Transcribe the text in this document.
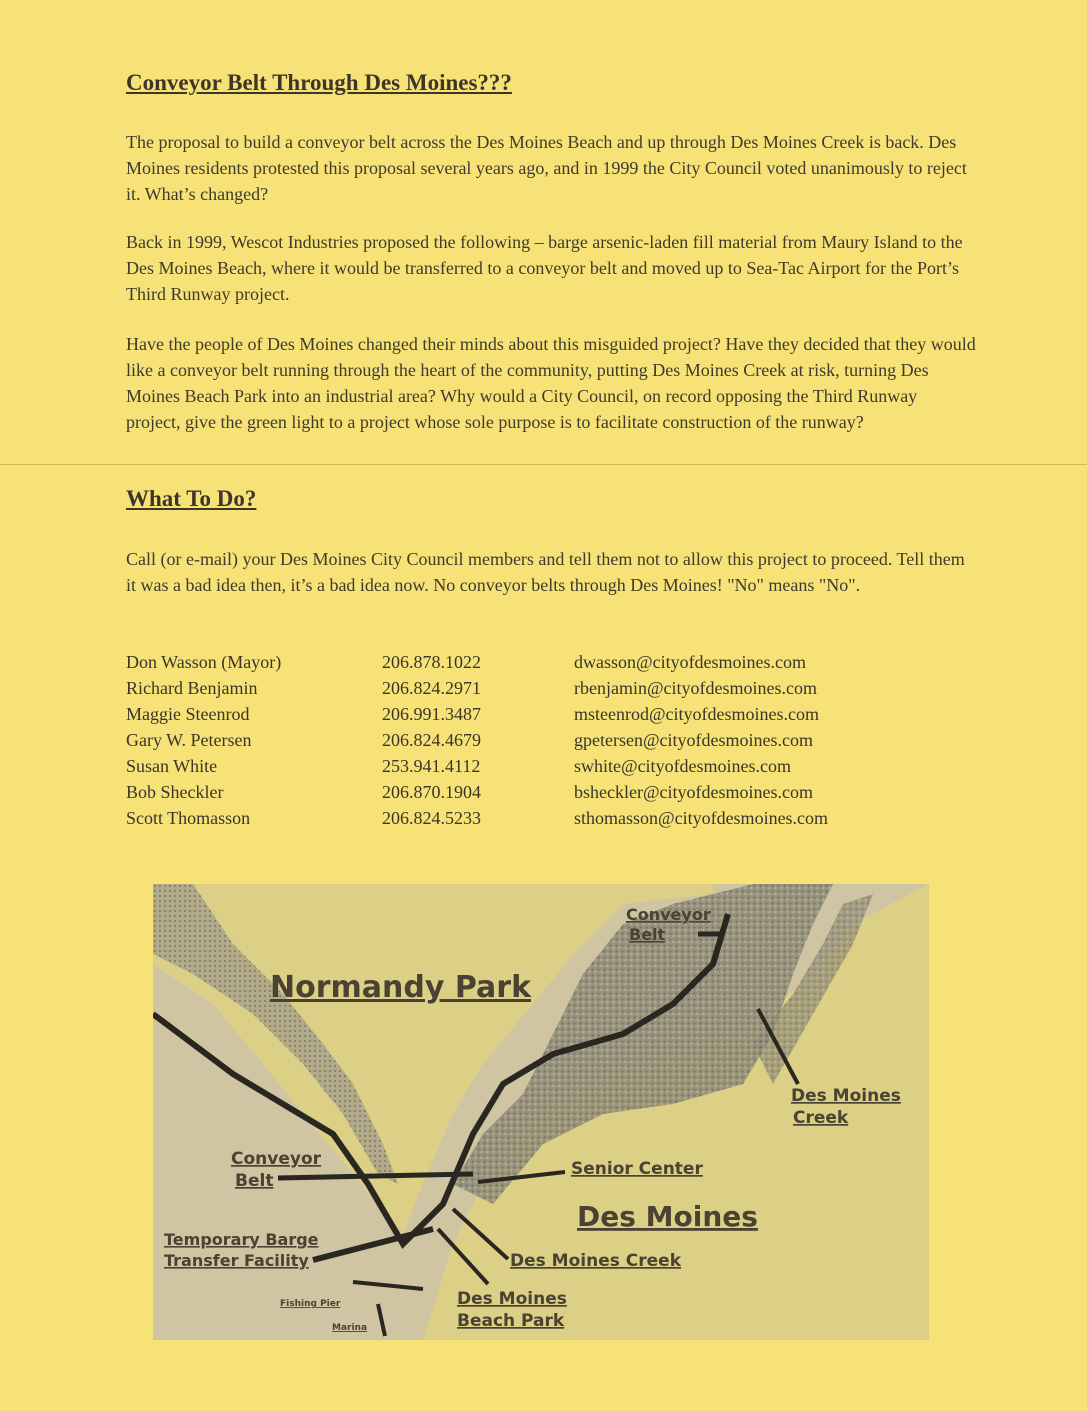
Conveyor Belt Through Des Moines???

The proposal to build a conveyor belt across the Des Moines Beach and up through Des Moines Creek is back. Des Moines residents protested this proposal several years ago, and in 1999 the City Council voted unanimously to reject it. What’s changed?

Back in 1999, Wescot Industries proposed the following – barge arsenic-laden fill material from Maury Island to the Des Moines Beach, where it would be transferred to a conveyor belt and moved up to Sea-Tac Airport for the Port’s Third Runway project.

Have the people of Des Moines changed their minds about this misguided project? Have they decided that they would like a conveyor belt running through the heart of the community, putting Des Moines Creek at risk, turning Des Moines Beach Park into an industrial area? Why would a City Council, on record opposing the Third Runway project, give the green light to a project whose sole purpose is to facilitate construction of the runway?

What To Do?

Call (or e-mail) your Des Moines City Council members and tell them not to allow this project to proceed. Tell them it was a bad idea then, it’s a bad idea now. No conveyor belts through Des Moines! "No" means "No".

Don Wasson (Mayor)	206.878.1022	dwasson@cityofdesmoines.com
Richard Benjamin	206.824.2971	rbenjamin@cityofdesmoines.com
Maggie Steenrod	206.991.3487	msteenrod@cityofdesmoines.com
Gary W. Petersen	206.824.4679	gpetersen@cityofdesmoines.com
Susan White	253.941.4112	swhite@cityofdesmoines.com
Bob Sheckler	206.870.1904	bsheckler@cityofdesmoines.com
Scott Thomasson	206.824.5233	sthomasson@cityofdesmoines.com
Normandy Park
Conveyor
Belt
Des Moines
Creek
Conveyor
Belt
Senior Center
Des Moines
Temporary Barge
Transfer Facility	Des Moines Creek
Des Moines
Beach Park
Fishing Pier
Marina
